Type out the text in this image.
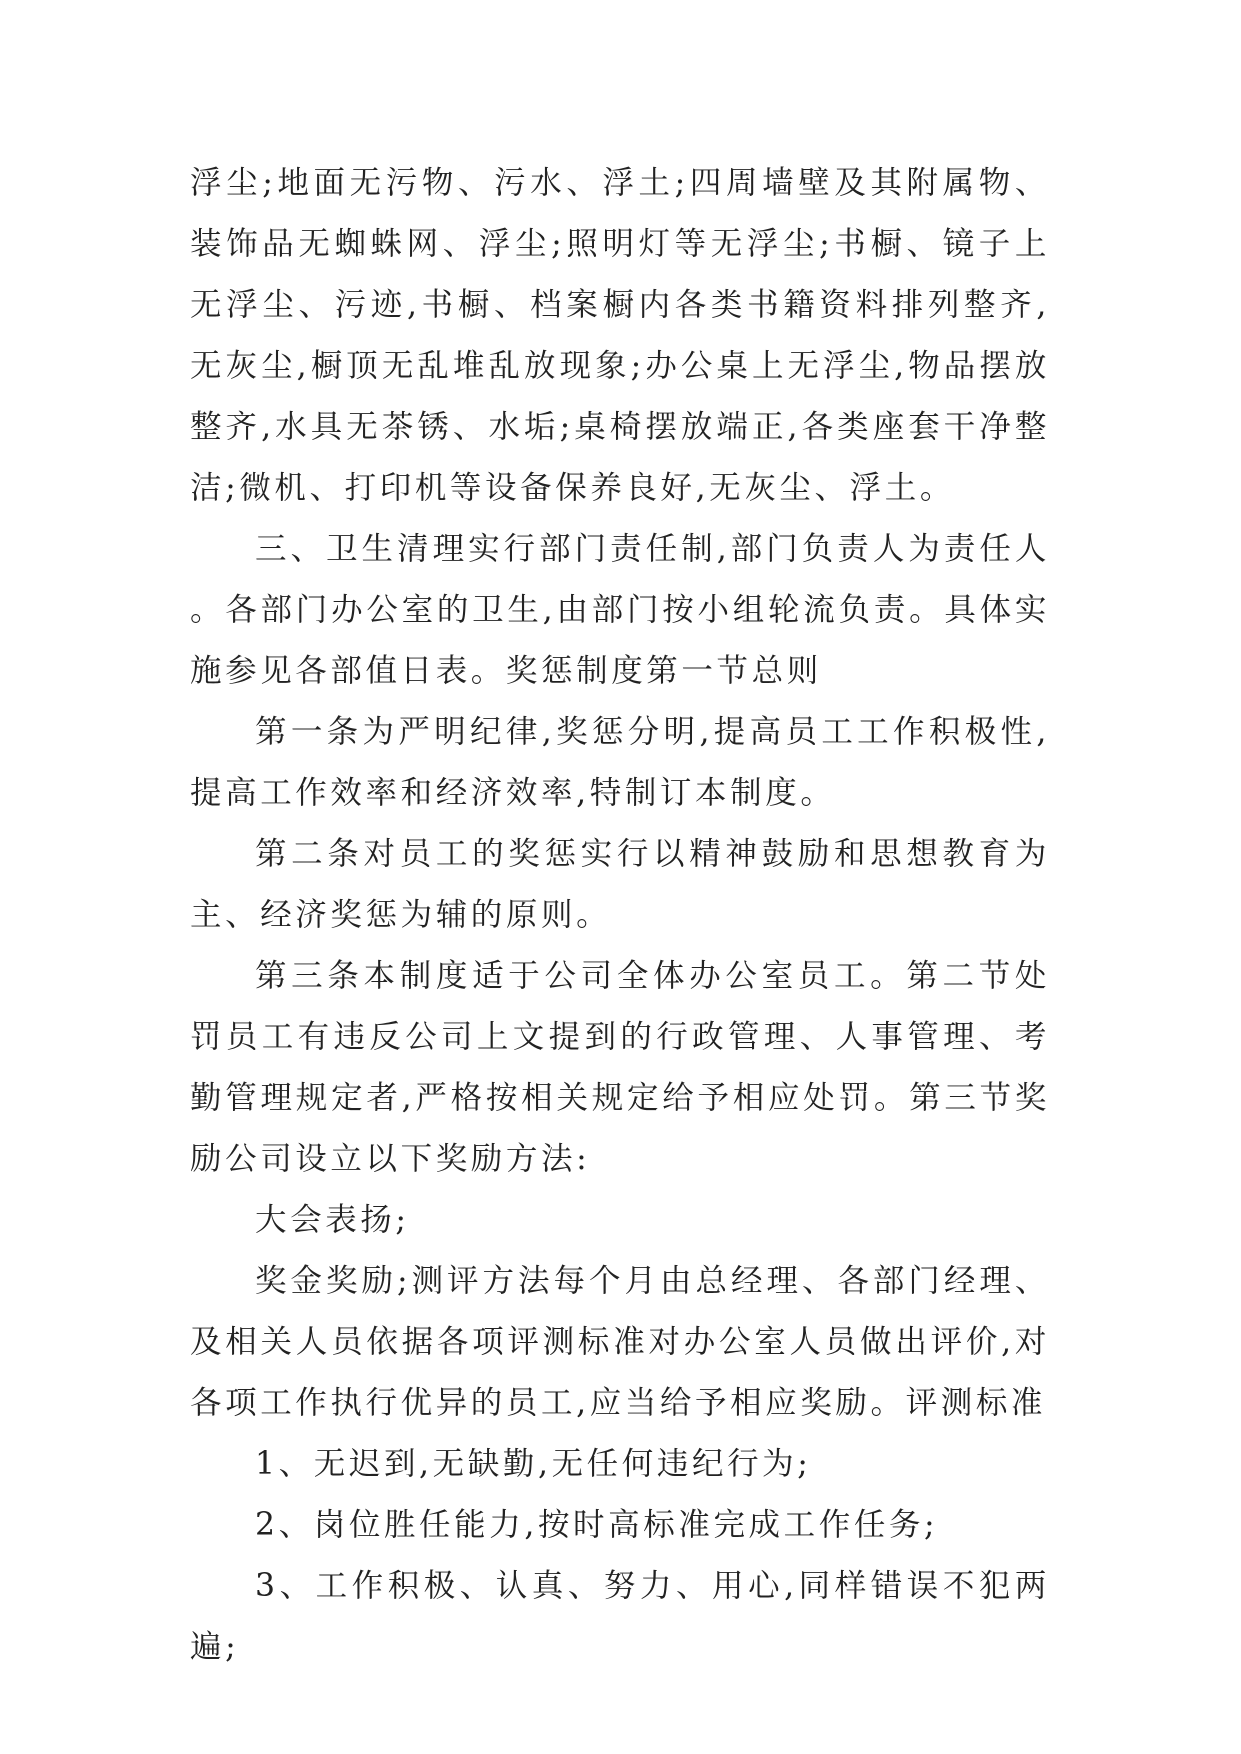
浮尘;地面无污物、污水、浮土;四周墙壁及其附属物、装饰品无蜘蛛网、浮尘;照明灯等无浮尘;书橱、镜子上无浮尘、污迹,书橱、档案橱内各类书籍资料排列整齐,无灰尘,橱顶无乱堆乱放现象;办公桌上无浮尘,物品摆放整齐,水具无茶锈、水垢;桌椅摆放端正,各类座套干净整洁;微机、打印机等设备保养良好,无灰尘、浮土。

三、卫生清理实行部门责任制,部门负责人为责任人。各部门办公室的卫生,由部门按小组轮流负责。具体实施参见各部值日表。奖惩制度第一节总则

第一条为严明纪律,奖惩分明,提高员工工作积极性,提高工作效率和经济效率,特制订本制度。

第二条对员工的奖惩实行以精神鼓励和思想教育为主、经济奖惩为辅的原则。

第三条本制度适于公司全体办公室员工。第二节处罚员工有违反公司上文提到的行政管理、人事管理、考勤管理规定者,严格按相关规定给予相应处罚。第三节奖励公司设立以下奖励方法:

大会表扬;

奖金奖励;测评方法每个月由总经理、各部门经理、及相关人员依据各项评测标准对办公室人员做出评价,对各项工作执行优异的员工,应当给予相应奖励。评测标准

1、无迟到,无缺勤,无任何违纪行为;

2、岗位胜任能力,按时高标准完成工作任务;

3、工作积极、认真、努力、用心,同样错误不犯两遍;
